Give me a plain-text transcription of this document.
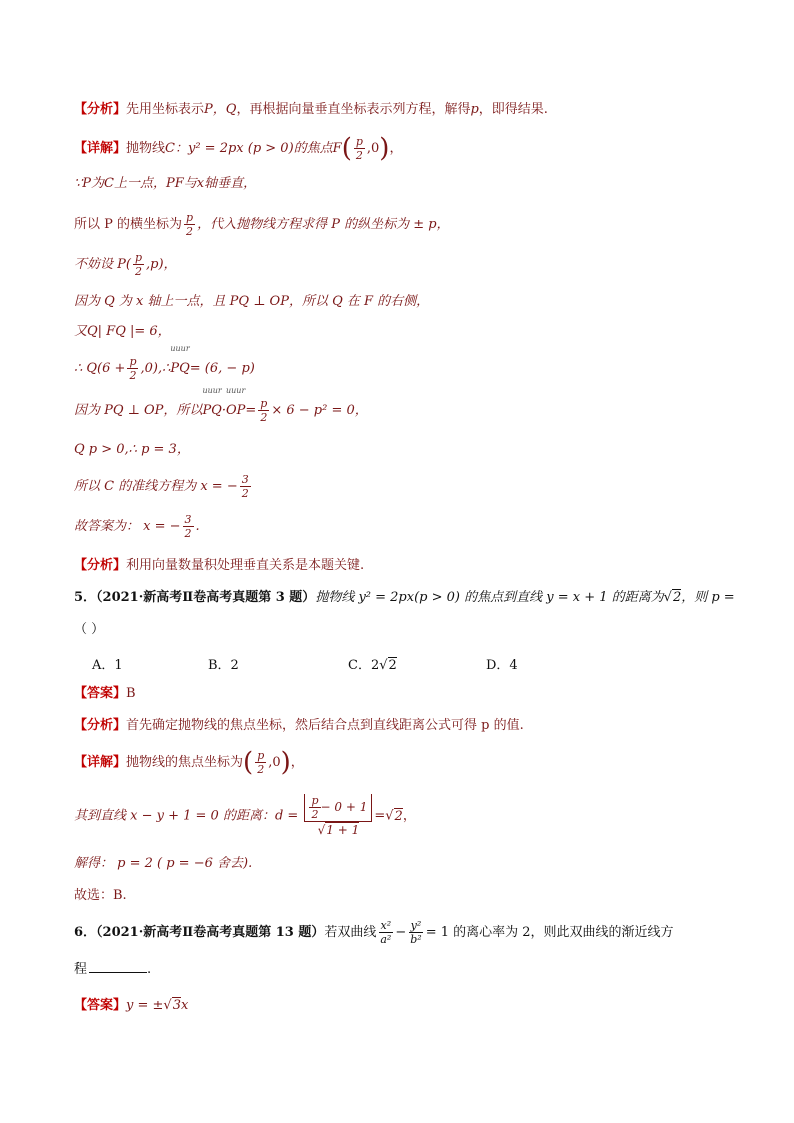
【分析】先用坐标表示P，Q，再根据向量垂直坐标表示列方程，解得p，即得结果.
【详解】抛物线C：y² = 2px (p > 0)的焦点$F( \frac{p}{2} ,0)$，
∵P为C上一点，PF与x轴垂直，
所以 P 的横坐标为 $\frac{p}{2}$ ，代入抛物线方程求得 P 的纵坐标为 ± p，
不妨设 $P( \frac{p}{2} ,p)$，
因为 Q 为 x 轴上一点，且 PQ ⊥ OP，所以 Q 在 F 的右侧，
又Q| FQ |= 6，
∴ $Q(6 + \frac{p}{2}$ ,0),∴
uuur
PQ= (6, − p)
因为 PQ ⊥ OP，所以
uuur
PQ·
uuur
$OP= \frac{p}{2} \times 6 - p^2 = 0$，
Q p > 0,∴ p = 3，
所以 C 的准线方程为 x = − $\frac{3}{2}$
故答案为： x = − $\frac{3}{2}$ .
【分析】利用向量数量积处理垂直关系是本题关键.
5．（2021·新高考Ⅱ卷高考真题第 3 题）抛物线 y² = 2px(p > 0) 的焦点到直线 y = x + 1 的距离为√2，则 p =
（ ）
A．1	B．2	C．2√2	D．4
【答案】B
【分析】首先确定抛物线的焦点坐标，然后结合点到直线距离公式可得 p 的值.
【详解】抛物线的焦点坐标为( $\frac{p}{2} ,0$)，
其到直线 x − y + 1 = 0 的距离：$d = \frac{\frac{p}{2} - 0 + 1}{√1 + 1} =√2$，
解得： p = 2 ( p = −6 舍去).
故选：B.
6．（2021·新高考Ⅱ卷高考真题第 13 题）若双曲线 $\frac{\text{x²}}{\text{a²}} - \frac{\text{y²}}{\text{b²}} = 1$ 的离心率为 2，则此双曲线的渐近线方
程	.
【答案】y = ±√3x
